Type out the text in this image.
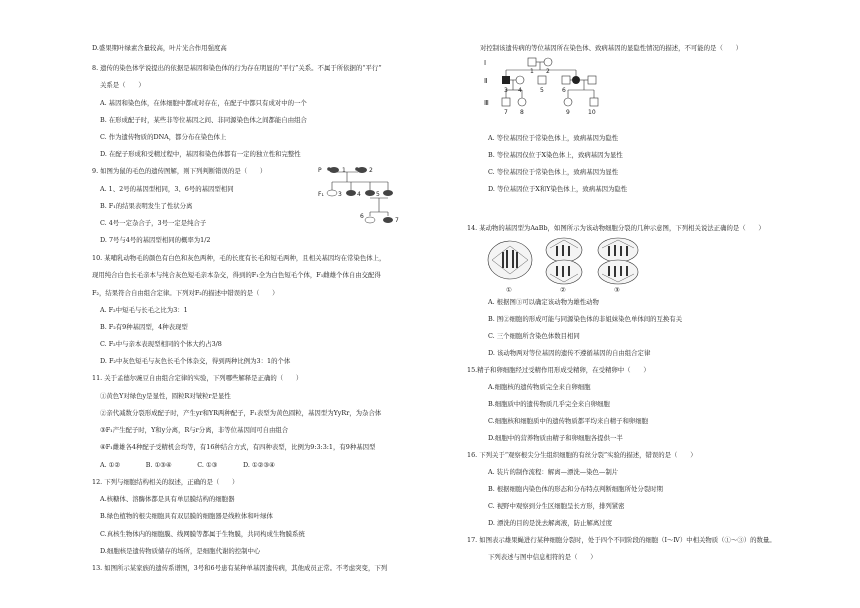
D.盛果期叶绿素含量较高，叶片光合作用强度高
8. 遗传的染色体学说提出的依据是基因和染色体的行为存在明显的“平行”关系。不属于所依据的“平行”
关系是（　　）
A. 基因和染色体，在体细胞中都成对存在，在配子中都只有成对中的一个
B. 在形成配子时，某些非等位基因之间、非同源染色体之间都能自由组合
C. 作为遗传物质的DNA，都分布在染色体上
D. 在配子形成和受精过程中，基因和染色体都有一定的独立性和完整性
9. 如图为鼠的毛色的遗传图解，则下列判断错误的是（　　）
A. 1、2号的基因型相同，3、6号的基因型相同
B. F₁的结果表明发生了性状分离
C. 4号一定杂合子，3号一定是纯合子
D. 7号与4号的基因型相同的概率为1/2
10. 某哺乳动物毛的颜色有白色和灰色两种，毛的长度有长毛和短毛两种，且相关基因均在常染色体上，
现用纯合白色长毛亲本与纯合灰色短毛亲本杂交，得到的F₁全为白色短毛个体，F₁雌雄个体自由交配得
F₂，结果符合自由组合定律。下列对F₂的描述中错误的是（　　）
A. F₂中短毛与长毛之比为3：1
B. F₂有9种基因型，4种表现型
C. F₂中与亲本表现型相同的个体大约占3/8
D. F₂中灰色短毛与灰色长毛个体杂交，得到两种比例为3：1的个体
11. 关于孟德尔豌豆自由组合定律的实验，下列哪些解释是正确的（　　）
①黄色Y对绿色y是显性，圆粒R对皱粒r是显性
②亲代减数分裂形成配子时，产生yr和YR两种配子，F₁表型为黄色圆粒，基因型为YyRr，为杂合体
③F₁产生配子时，Y和y分离，R与r分离，非等位基因间可自由组合
④F₁雌雄各4种配子受精机会均等，有16种结合方式，有四种表型，比例为9:3:3:1，有9种基因型
A. ①②　　　　B. ①③④　　　　C. ①③　　　　D. ①②③④
12. 下列与细胞结构相关的叙述，正确的是（　　）
A.核糖体、溶酶体都是具有单层膜结构的细胞器
B.绿色植物的根尖细胞具有双层膜的细胞器是线粒体和叶绿体
C.真核生物体内的细胞膜、线网膜等都属于生物膜，共同构成生物膜系统
D.细胞核是遗传物质储存的场所，是细胞代谢的控制中心
13. 如图所示某家族的遗传系谱图，3号和6号患有某种单基因遗传病，其他成员正常。不考虑突变，下列
对控制该遗传病的等位基因所在染色体、致病基因的显隐性情况的描述，不可能的是（　　）
A. 等位基因位于常染色体上，致病基因为隐性
B. 等位基因仅位于X染色体上，致病基因为显性
C. 等位基因位于常染色体上，致病基因为显性
D. 等位基因位于X和Y染色体上，致病基因为隐性
14. 某动物的基因型为AaBb，如图所示为该动物细胞分裂的几种示意图，下列相关说法正确的是（　　）
A. 根据图③可以确定该动物为雄性动物
B. 图②细胞的形成可能与同源染色体的非姐妹染色单体间的互换有关
C. 三个细胞所含染色体数目相同
D. 该动物两对等位基因的遗传不遵循基因的自由组合定律
15.精子和卵细胞经过受精作用形成受精卵，在受精卵中（　　）
A.细胞核的遗传物质完全来自卵细胞
B.细胞质中的遗传物质几乎完全来自卵细胞
C.细胞核和细胞质中的遗传物质都平均来自精子和卵细胞
D.细胞中的营养物质由精子和卵细胞各提供一半
16. 下列关于“观察根尖分生组织细胞的有丝分裂”实验的描述，错误的是（　　）
A. 装片的制作流程：解离—漂洗—染色—制片
B. 根据细胞内染色体的形态和分布特点判断细胞所处分裂时期
C. 视野中观察到分生区细胞呈长方形，排列紧密
D. 漂洗的目的是洗去解离液，防止解离过度
17. 如图表示雄果蝇进行某种细胞分裂时，处于四个不同阶段的细胞（Ⅰ～Ⅳ）中相关物质（①～③）的数量。
下列表述与图中信息相符的是（　　）
P
F₁
1	2
3	4	5
6
7
Ⅰ
Ⅱ
Ⅲ
1 2
3 4	5	6
7 8	9	10
①	②	③
